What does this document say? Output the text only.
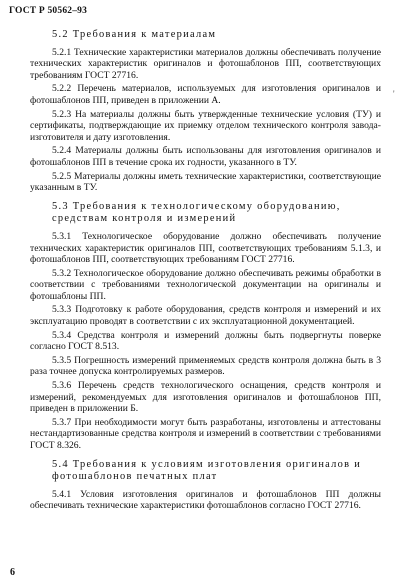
ГОСТ Р 50562–93
'
5.2 Требования к материалам
5.2.1 Технические характеристики материалов должны обеспечивать получение технических характеристик оригиналов и фотошаблонов ПП, соответствующих требованиям ГОСТ 27716.
5.2.2 Перечень материалов, используемых для изготовления оригиналов и фотошаблонов ПП, приведен в приложении А.
5.2.3 На материалы должны быть утвержденные технические условия (ТУ) и сертификаты, подтверждающие их приемку отделом технического контроля завода-изготовителя и дату изготовления.
5.2.4 Материалы должны быть использованы для изготовления оригиналов и фотошаблонов ПП в течение срока их годности, указанного в ТУ.
5.2.5 Материалы должны иметь технические характеристики, соответствующие указанным в ТУ.
5.3 Требования к технологическому оборудованию, средствам контроля и измерений
5.3.1 Технологическое оборудование должно обеспечивать получение технических характеристик оригиналов ПП, соответствующих требованиям 5.1.3, и фотошаблонов ПП, соответствующих требованиям ГОСТ 27716.
5.3.2 Технологическое оборудование должно обеспечивать режимы обработки в соответствии с требованиями технологической документации на оригиналы и фотошаблоны ПП.
5.3.3 Подготовку к работе оборудования, средств контроля и измерений и их эксплуатацию проводят в соответствии с их эксплуатационной документацией.
5.3.4 Средства контроля и измерений должны быть подвергнуты поверке согласно ГОСТ 8.513.
5.3.5 Погрешность измерений применяемых средств контроля должна быть в 3 раза точнее допуска контролируемых размеров.
5.3.6 Перечень средств технологического оснащения, средств контроля и измерений, рекомендуемых для изготовления оригиналов и фотошаблонов ПП, приведен в приложении Б.
5.3.7 При необходимости могут быть разработаны, изготовлены и аттестованы нестандартизованные средства контроля и измерений в соответствии с требованиями ГОСТ 8.326.
5.4 Требования к условиям изготовления оригиналов и фотошаблонов печатных плат
5.4.1 Условия изготовления оригиналов и фотошаблонов ПП должны обеспечивать технические характеристики фотошаблонов согласно ГОСТ 27716.
6
